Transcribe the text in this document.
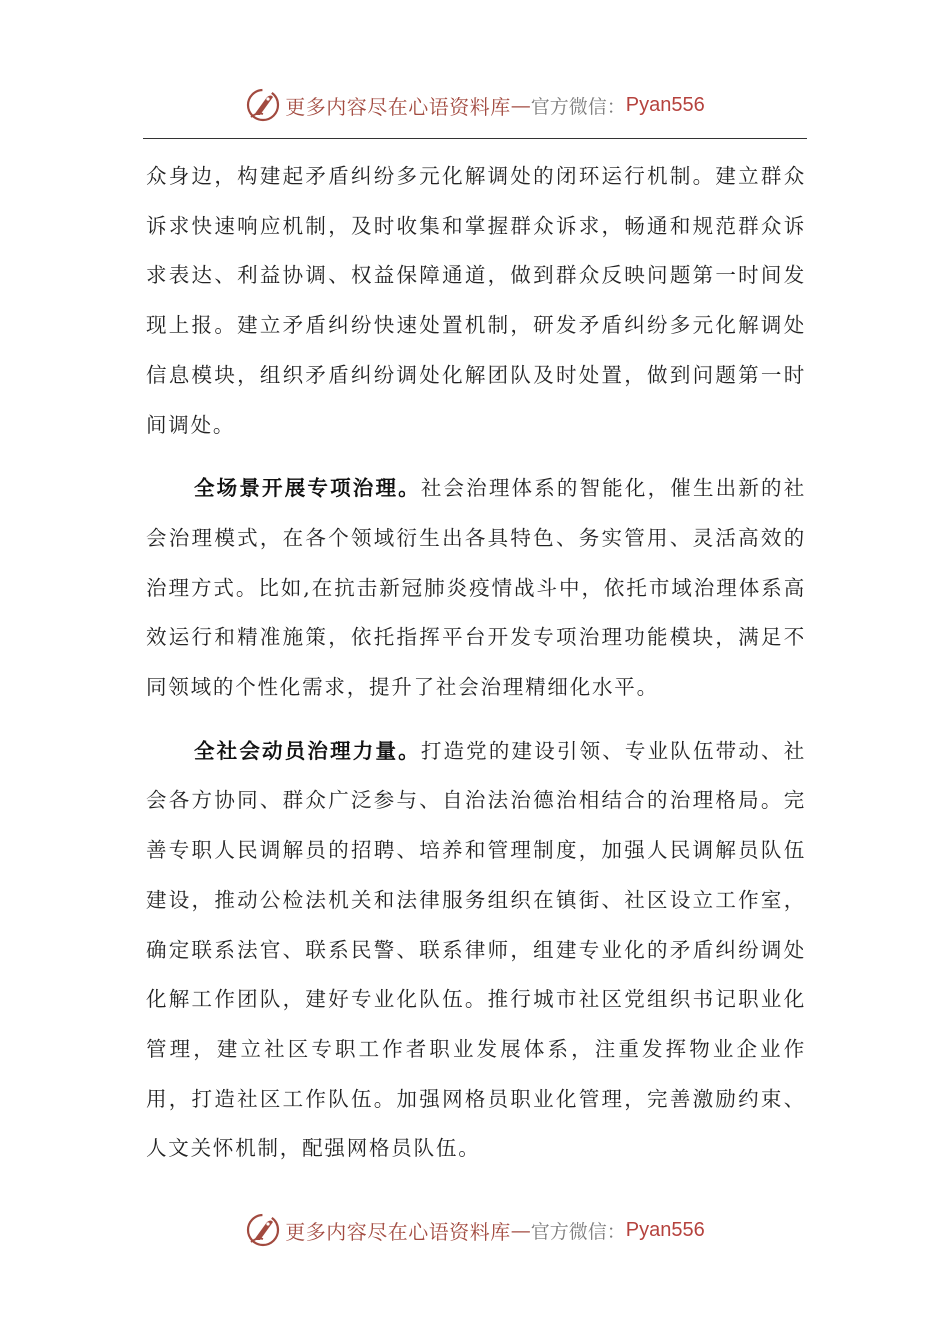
更多内容尽在心语资料库 — 官方微信： Pyan556

众身边，构建起矛盾纠纷多元化解调处的闭环运行机制。建立群众诉求快速响应机制，及时收集和掌握群众诉求，畅通和规范群众诉求表达、利益协调、权益保障通道，做到群众反映问题第一时间发现上报。建立矛盾纠纷快速处置机制，研发矛盾纠纷多元化解调处信息模块，组织矛盾纠纷调处化解团队及时处置，做到问题第一时间调处。

全场景开展专项治理。社会治理体系的智能化，催生出新的社会治理模式，在各个领域衍生出各具特色、务实管用、灵活高效的治理方式。比如,在抗击新冠肺炎疫情战斗中，依托市域治理体系高效运行和精准施策，依托指挥平台开发专项治理功能模块，满足不同领域的个性化需求，提升了社会治理精细化水平。

全社会动员治理力量。打造党的建设引领、专业队伍带动、社会各方协同、群众广泛参与、自治法治德治相结合的治理格局。完善专职人民调解员的招聘、培养和管理制度，加强人民调解员队伍建设，推动公检法机关和法律服务组织在镇街、社区设立工作室，确定联系法官、联系民警、联系律师，组建专业化的矛盾纠纷调处化解工作团队，建好专业化队伍。推行城市社区党组织书记职业化管理，建立社区专职工作者职业发展体系，注重发挥物业企业作用，打造社区工作队伍。加强网格员职业化管理，完善激励约束、人文关怀机制，配强网格员队伍。

更多内容尽在心语资料库 — 官方微信： Pyan556
